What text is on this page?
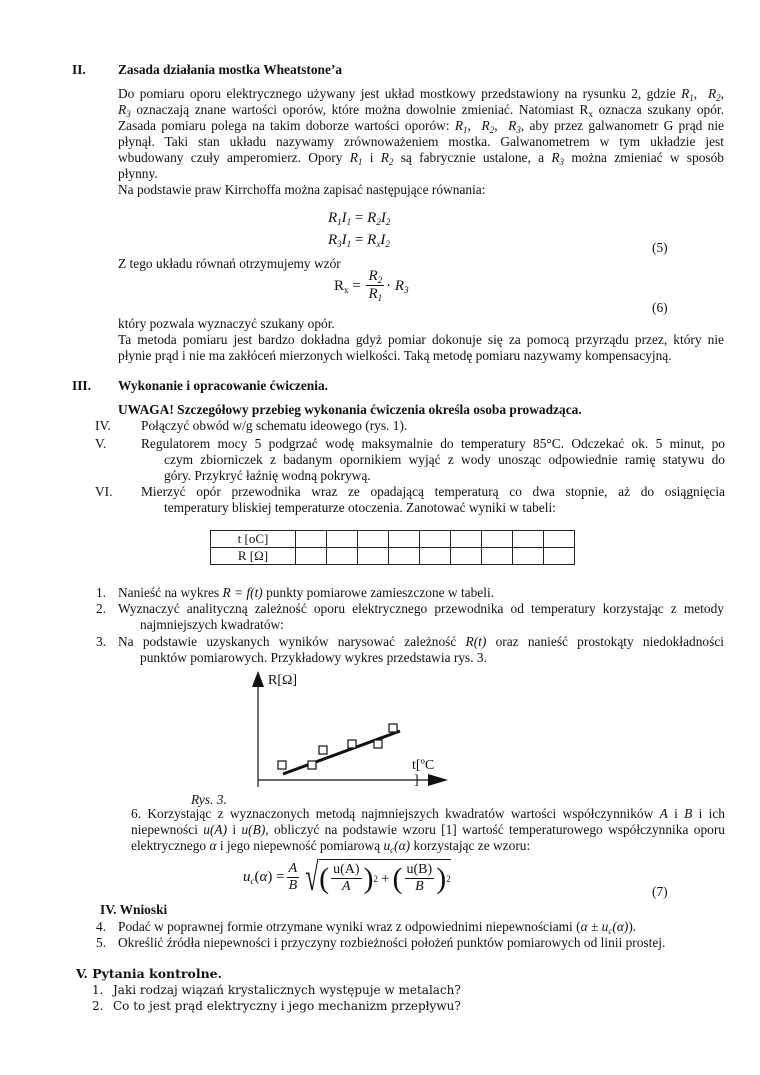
II. Zasada działania mostka Wheatstone’a
Do pomiaru oporu elektrycznego używany jest układ mostkowy przedstawiony na rysunku 2, gdzie $R_1$,  $R_2$,
$R_3$ oznaczają znane wartości oporów, które można dowolnie zmieniać. Natomiast $R_x$ oznacza szukany opór.
Zasada pomiaru polega na takim doborze wartości oporów: $R_1$,  $R_2$,  $R_3$, aby przez galwanometr G prąd nie
płynął. Taki stan układu nazywamy zrównoważeniem mostka. Galwanometrem w tym układzie jest
wbudowany czuły amperomierz. Opory $R_1$ i $R_2$ są fabrycznie ustalone, a $R_3$ można zmieniać w sposób
płynny.
Na podstawie praw Kirrchoffa można zapisać następujące równania:
$R_1I_1 = R_2I_2$
$R_3I_1 = R_xI_2$	(5)
Z tego układu równań otrzymujemy wzór
$R_x = \frac{R_2}{R_1} \cdot R_3$
(6)
który pozwala wyznaczyć szukany opór.
Ta metoda pomiaru jest bardzo dokładna gdyż pomiar dokonuje się za pomocą przyrządu przez, który nie
płynie prąd i nie ma zakłóceń mierzonych wielkości. Taką metodę pomiaru nazywamy kompensacyjną.
III. Wykonanie i opracowanie ćwiczenia.
UWAGA! Szczegółowy przebieg wykonania ćwiczenia określa osoba prowadząca.
IV. Połączyć obwód w/g schematu ideowego (rys. 1).
V.	Regulatorem mocy 5 podgrzać wodę maksymalnie do temperatury 85°C. Odczekać ok. 5 minut, po
czym zbiorniczek z badanym opornikiem wyjąć z wody unosząc odpowiednie ramię statywu do
góry. Przykryć łaźnię wodną pokrywą.
VI. Mierzyć opór przewodnika wraz ze opadającą temperaturą co dwa stopnie, aż do osiągnięcia
temperatury bliskiej temperaturze otoczenia. Zanotować wyniki w tabeli:
t [oC]									
R [Ω]									
1. Nanieść na wykres R = f(t) punkty pomiarowe zamieszczone w tabeli.
2. Wyznaczyć analityczną zależność oporu elektrycznego przewodnika od temperatury korzystając z metody
najmniejszych kwadratów:
3. Na podstawie uzyskanych wyników narysować zależność R(t) oraz nanieść prostokąty niedokładności
punktów pomiarowych. Przykładowy wykres przedstawia rys. 3.
R[Ω]
t[ºC
]
Rys. 3.
6. Korzystając z wyznaczonych metodą najmniejszych kwadratów wartości współczynników A i B i ich
niepewności u(A) i u(B), obliczyć na podstawie wzoru [1] wartość temperaturowego współczynnika oporu
elektrycznego α i jego niepewność pomiarową $u_c(\alpha)$ korzystając ze wzoru:
$u_c$ $(\alpha) = \frac{A}{B}$ √ ( $\frac{u(A)}{A}$ ) 2 + ( $\frac{u(B)}{B}$ ) 2
(7)
IV. Wnioski
4. Podać w poprawnej formie otrzymane wyniki wraz z odpowiednimi niepewnościami $(\alpha \pm u_c(\alpha))$.
5. Określić źródła niepewności i przyczyny rozbieżności położeń punktów pomiarowych od linii prostej.
V. Pytania kontrolne.
1. Jaki rodzaj wiązań krystalicznych występuje w metalach?
2. Co to jest prąd elektryczny i jego mechanizm przepływu?
